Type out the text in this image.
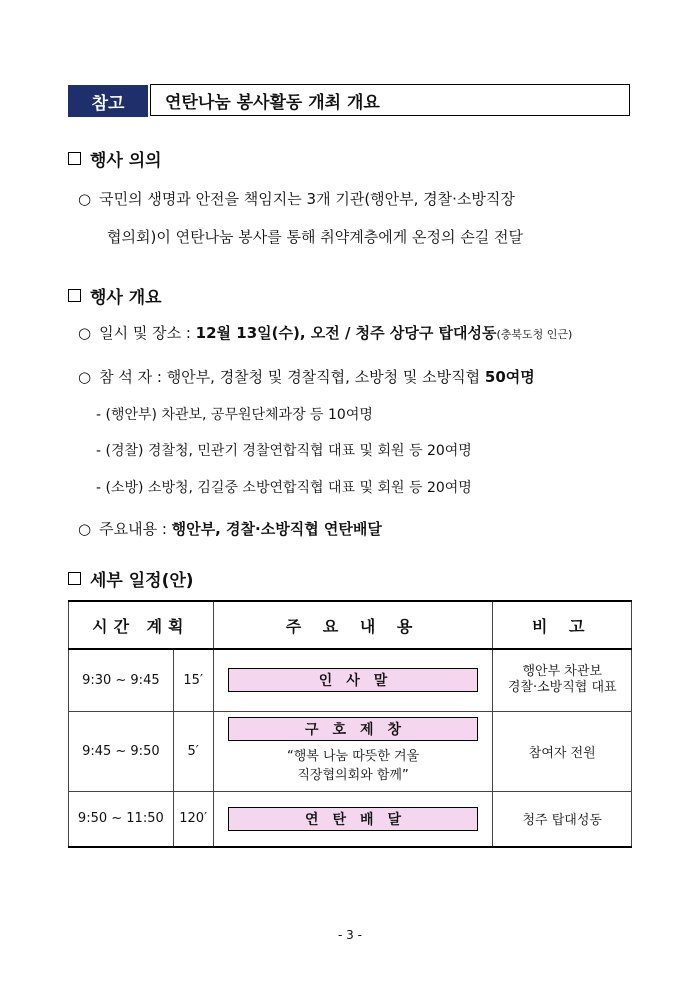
참고	연탄나눔 봉사활동 개최 개요
행사 의의
○ 국민의 생명과 안전을 책임지는 3개 기관(행안부, 경찰·소방직장
협의회)이 연탄나눔 봉사를 통해 취약계층에게 온정의 손길 전달
행사 개요
○ 일시 및 장소 : 12월 13일(수), 오전 / 청주 상당구 탑대성동(충북도청 인근)
○ 참 석 자 : 행안부, 경찰청 및 경찰직협, 소방청 및 소방직협 50여명
- (행안부) 차관보, 공무원단체과장 등 10여명
- (경찰) 경찰청, 민관기 경찰연합직협 대표 및 회원 등 20여명
- (소방) 소방청, 김길중 소방연합직협 대표 및 회원 등 20여명
○ 주요내용 : 행안부, 경찰·소방직협 연탄배달
세부 일정(안)
시간 계획		주 요 내 용	비 고
9:30 ~ 9:45	15′	인사말	행안부 차관보
경찰·소방직협 대표

9:45 ~ 9:50	5′	구호제창
“행복 나눔 따뜻한 겨울
직장협의회와 함께”	참여자 전원
9:50 ~ 11:50	120′	연탄배달	청주 탑대성동
- 3 -
